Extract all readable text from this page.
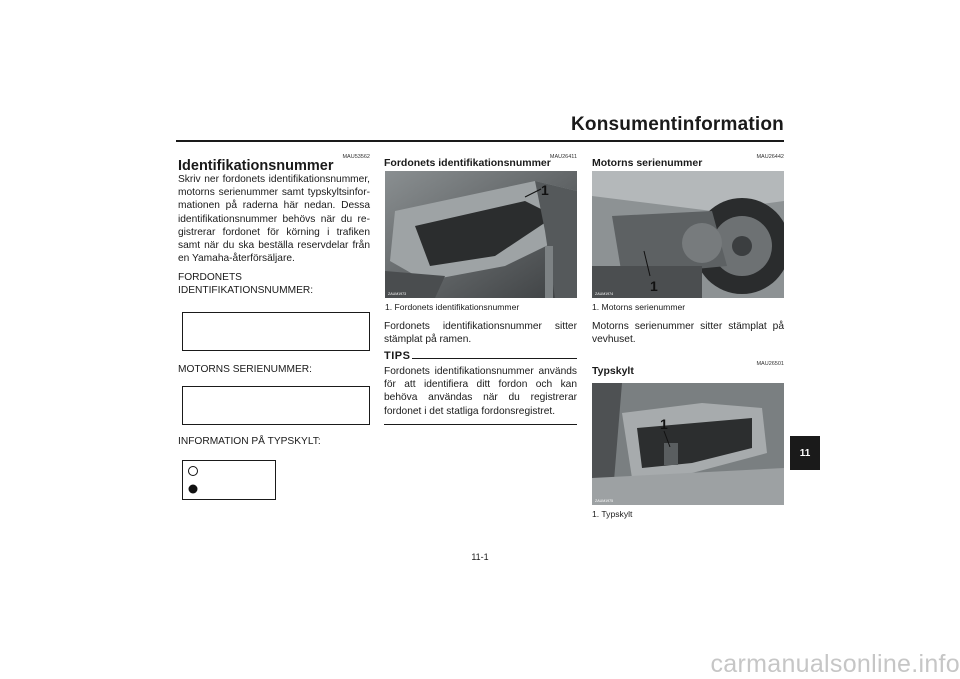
Konsumentinformation
MAU53562
Identifikationsnummer
Skriv ner fordonets identifikationsnummer, motorns serienummer samt typskyltsinfor-mationen på raderna här nedan. Dessa identifikationsnummer behövs när du re-gistrerar fordonet för körning i trafiken samt när du ska beställa reservdelar från en Yamaha-återförsäljare.
FORDONETS
IDENTIFIKATIONSNUMMER:
MOTORNS SERIENUMMER:
INFORMATION PÅ TYPSKYLT:
MAU26411
Fordonets identifikationsnummer
1
ZAUM1973
1. Fordonets identifikationsnummer
Fordonets identifikationsnummer sitter stämplat på ramen.
TIPS
Fordonets identifikationsnummer används för att identifiera ditt fordon och kan behöva användas när du registrerar fordonet i det statliga fordonsregistret.
MAU26442
Motorns serienummer
1
ZAUM1974
1. Motorns serienummer
Motorns serienummer sitter stämplat på vevhuset.
MAU26501
Typskylt
1
ZAUM1975
1. Typskylt
11
11-1
carmanualsonline.info
